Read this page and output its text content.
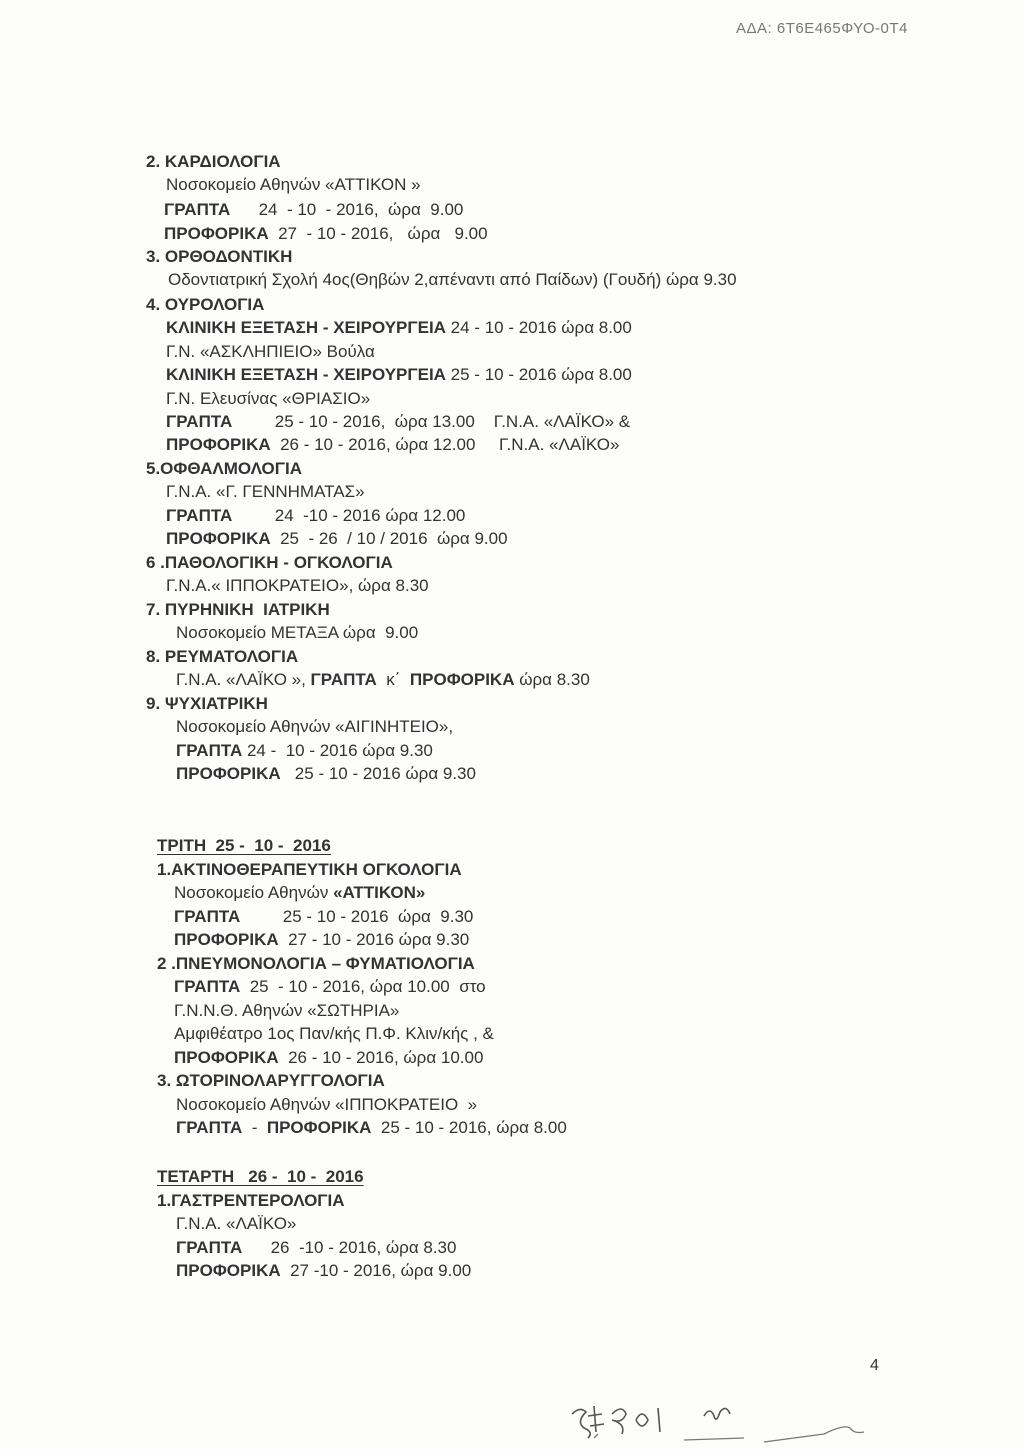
ΑΔΑ: 6Τ6Ε465ΦΥΟ-0Τ4
2. ΚΑΡΔΙΟΛΟΓΙΑ
Νοσοκομείο Αθηνών «ΑΤΤΙΚΟΝ »
ΓΡΑΠΤΑ      24  - 10  - 2016,  ώρα  9.00
ΠΡΟΦΟΡΙΚΑ  27  - 10 - 2016,   ώρα   9.00
3. ΟΡΘΟΔΟΝΤΙΚΗ
Οδοντιατρική Σχολή 4ος(Θηβών 2,απέναντι από Παίδων) (Γουδή) ώρα 9.30
4. ΟΥΡΟΛΟΓΙΑ
ΚΛΙΝΙΚΗ ΕΞΕΤΑΣΗ - ΧΕΙΡΟΥΡΓΕΙΑ 24 - 10 - 2016 ώρα 8.00
Γ.Ν. «ΑΣΚΛΗΠΙΕΙΟ» Βούλα
ΚΛΙΝΙΚΗ ΕΞΕΤΑΣΗ - ΧΕΙΡΟΥΡΓΕΙΑ 25 - 10 - 2016 ώρα 8.00
Γ.Ν. Ελευσίνας «ΘΡΙΑΣΙΟ»
ΓΡΑΠΤΑ         25 - 10 - 2016,  ώρα 13.00    Γ.Ν.Α. «ΛΑΪΚΟ» &
ΠΡΟΦΟΡΙΚΑ  26 - 10 - 2016, ώρα 12.00     Γ.Ν.Α. «ΛΑΪΚΟ»
5.ΟΦΘΑΛΜΟΛΟΓΙΑ
Γ.Ν.Α. «Γ. ΓΕΝΝΗΜΑΤΑΣ»
ΓΡΑΠΤΑ         24  -10 - 2016 ώρα 12.00
ΠΡΟΦΟΡΙΚΑ  25  - 26  / 10 / 2016  ώρα 9.00
6 .ΠΑΘΟΛΟΓΙΚΗ - ΟΓΚΟΛΟΓΙΑ
Γ.Ν.Α.« ΙΠΠΟΚΡΑΤΕΙΟ», ώρα 8.30
7. ΠΥΡΗΝΙΚΗ  ΙΑΤΡΙΚΗ
Νοσοκομείο ΜΕΤΑΞΑ ώρα  9.00
8. ΡΕΥΜΑΤΟΛΟΓΙΑ
Γ.Ν.Α. «ΛΑΪΚΟ », ΓΡΑΠΤΑ  κ΄  ΠΡΟΦΟΡΙΚΑ ώρα 8.30
9. ΨΥΧΙΑΤΡΙΚΗ
Νοσοκομείο Αθηνών «ΑΙΓΙΝΗΤΕΙΟ»,
ΓΡΑΠΤΑ 24 -  10 - 2016 ώρα 9.30
ΠΡΟΦΟΡΙΚΑ   25 - 10 - 2016 ώρα 9.30
ΤΡΙΤΗ  25 -  10 -  2016
1.ΑΚΤΙΝΟΘΕΡΑΠΕΥΤΙΚΗ ΟΓΚΟΛΟΓΙΑ
Νοσοκομείο Αθηνών «ΑΤΤΙΚΟΝ»
ΓΡΑΠΤΑ         25 - 10 - 2016  ώρα  9.30
ΠΡΟΦΟΡΙΚΑ  27 - 10 - 2016 ώρα 9.30
2 .ΠΝΕΥΜΟΝΟΛΟΓΙΑ – ΦΥΜΑΤΙΟΛΟΓΙΑ
ΓΡΑΠΤΑ  25  - 10 - 2016, ώρα 10.00  στο
Γ.Ν.Ν.Θ. Αθηνών «ΣΩΤΗΡΙΑ»
Αμφιθέατρο 1ος Παν/κής Π.Φ. Κλιν/κής , &
ΠΡΟΦΟΡΙΚΑ  26 - 10 - 2016, ώρα 10.00
3. ΩΤΟΡΙΝΟΛΑΡΥΓΓΟΛΟΓΙΑ
Νοσοκομείο Αθηνών «ΙΠΠΟΚΡΑΤΕΙΟ  »
ΓΡΑΠΤΑ  -  ΠΡΟΦΟΡΙΚΑ  25 - 10 - 2016, ώρα 8.00
ΤΕΤΑΡΤΗ   26 -  10 -  2016
1.ΓΑΣΤΡΕΝΤΕΡΟΛΟΓΙΑ
Γ.Ν.Α. «ΛΑΪΚΟ»
ΓΡΑΠΤΑ      26  -10 - 2016, ώρα 8.30
ΠΡΟΦΟΡΙΚΑ  27 -10 - 2016, ώρα 9.00
4
